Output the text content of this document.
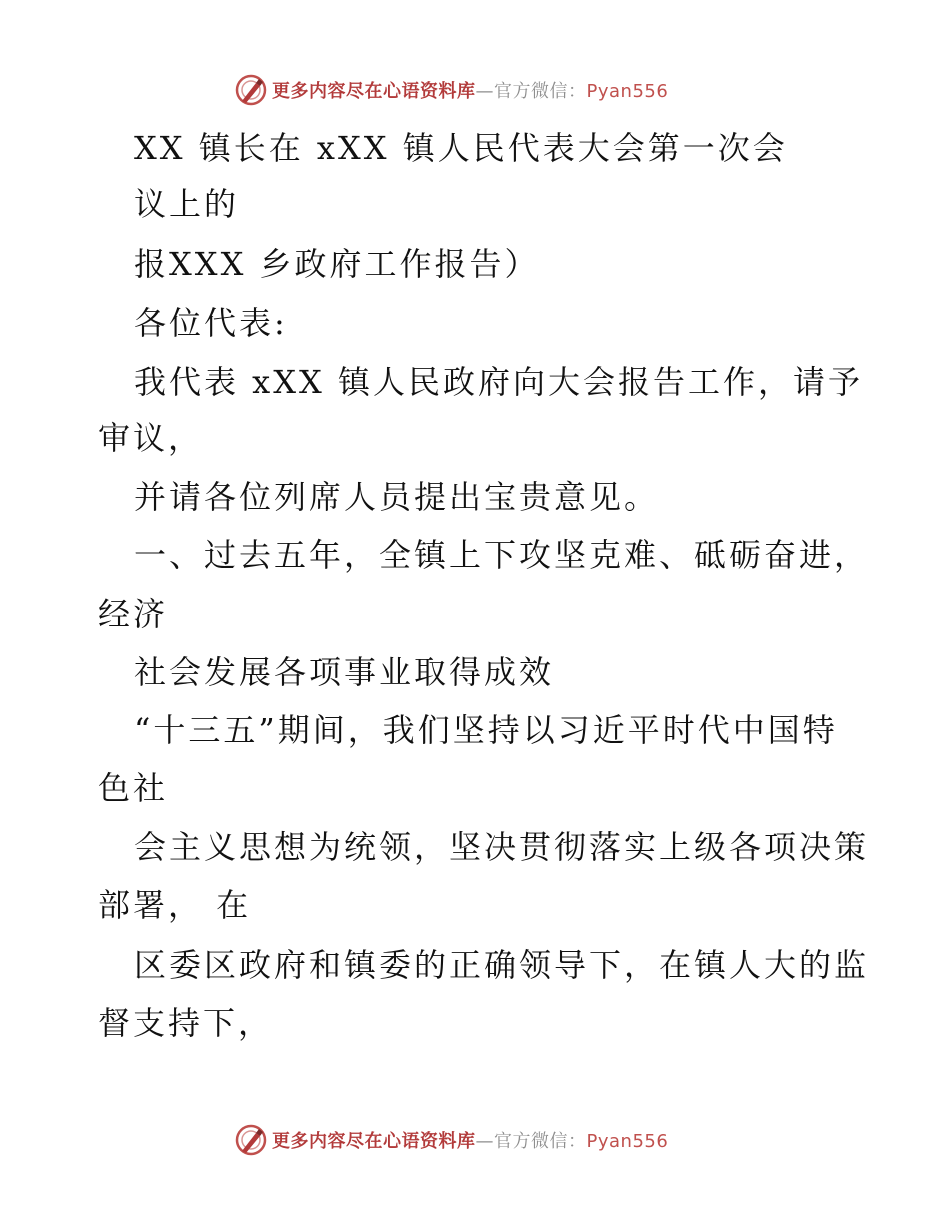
更多内容尽在心语资料库—官方微信：Pyan556
XX 镇长在 xXX 镇人民代表大会第一次会
议上的
报XXX 乡政府工作报告）
各位代表:
我代表 xXX 镇人民政府向大会报告工作，请予
审议，
并请各位列席人员提出宝贵意见。
一、过去五年，全镇上下攻坚克难、砥砺奋进，
经济
社会发展各项事业取得成效
“十三五”期间，我们坚持以习近平时代中国特
色社
会主义思想为统领，坚决贯彻落实上级各项决策
部署， 在
区委区政府和镇委的正确领导下，在镇人大的监
督支持下，
更多内容尽在心语资料库—官方微信：Pyan556
